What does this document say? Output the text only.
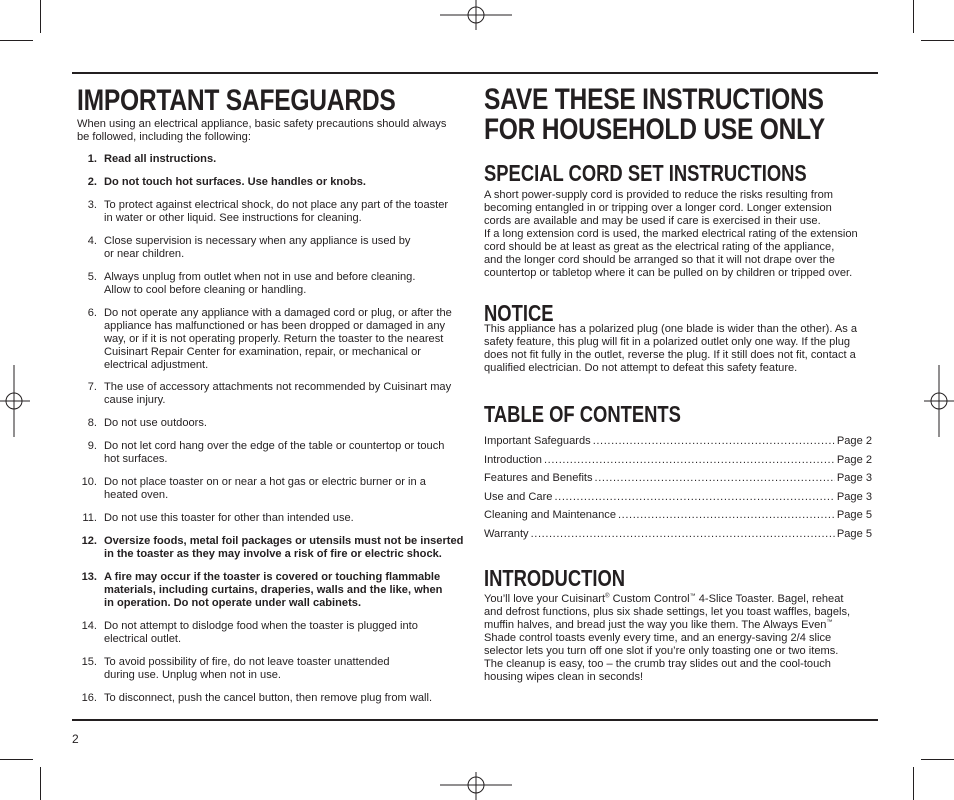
IMPORTANT SAFEGUARDS
When using an electrical appliance, basic safety precautions should always
be followed, including the following:
1. Read all instructions.
2. Do not touch hot surfaces. Use handles or knobs.
3. To protect against electrical shock, do not place any part of the toaster
in water or other liquid. See instructions for cleaning.
4. Close supervision is necessary when any appliance is used by
or near children.
5. Always unplug from outlet when not in use and before cleaning.
Allow to cool before cleaning or handling.
6. Do not operate any appliance with a damaged cord or plug, or after the
appliance has malfunctioned or has been dropped or damaged in any
way, or if it is not operating properly. Return the toaster to the nearest
Cuisinart Repair Center for examination, repair, or mechanical or
electrical adjustment.
7. The use of accessory attachments not recommended by Cuisinart may
cause injury.
8. Do not use outdoors.
9. Do not let cord hang over the edge of the table or countertop or touch
hot surfaces.
10. Do not place toaster on or near a hot gas or electric burner or in a
heated oven.
11. Do not use this toaster for other than intended use.
12. Oversize foods, metal foil packages or utensils must not be inserted
in the toaster as they may involve a risk of fire or electric shock.
13. A fire may occur if the toaster is covered or touching flammable
materials, including curtains, draperies, walls and the like, when
in operation. Do not operate under wall cabinets.
14. Do not attempt to dislodge food when the toaster is plugged into
electrical outlet.
15. To avoid possibility of fire, do not leave toaster unattended
during use. Unplug when not in use.
16. To disconnect, push the cancel button, then remove plug from wall.
SAVE THESE INSTRUCTIONS
FOR HOUSEHOLD USE ONLY
SPECIAL CORD SET INSTRUCTIONS
A short power-supply cord is provided to reduce the risks resulting from
becoming entangled in or tripping over a longer cord. Longer extension
cords are available and may be used if care is exercised in their use.
If a long extension cord is used, the marked electrical rating of the extension
cord should be at least as great as the electrical rating of the appliance,
and the longer cord should be arranged so that it will not drape over the
countertop or tabletop where it can be pulled on by children or tripped over.
NOTICE
This appliance has a polarized plug (one blade is wider than the other). As a
safety feature, this plug will fit in a polarized outlet only one way. If the plug
does not fit fully in the outlet, reverse the plug. If it still does not fit, contact a
qualified electrician. Do not attempt to defeat this safety feature.
TABLE OF CONTENTS
Important Safeguards .....	Page 2
Introduction .....	Page 2
Features and Benefits .....	Page 3
Use and Care .....	Page 3
Cleaning and Maintenance .....	Page 5
Warranty .....	Page 5
INTRODUCTION
You’ll love your Cuisinart® Custom Control™ 4-Slice Toaster. Bagel, reheat
and defrost functions, plus six shade settings, let you toast waffles, bagels,
muffin halves, and bread just the way you like them. The Always Even™
Shade control toasts evenly every time, and an energy-saving 2/4 slice
selector lets you turn off one slot if you’re only toasting one or two items.
The cleanup is easy, too – the crumb tray slides out and the cool-touch
housing wipes clean in seconds!
2
